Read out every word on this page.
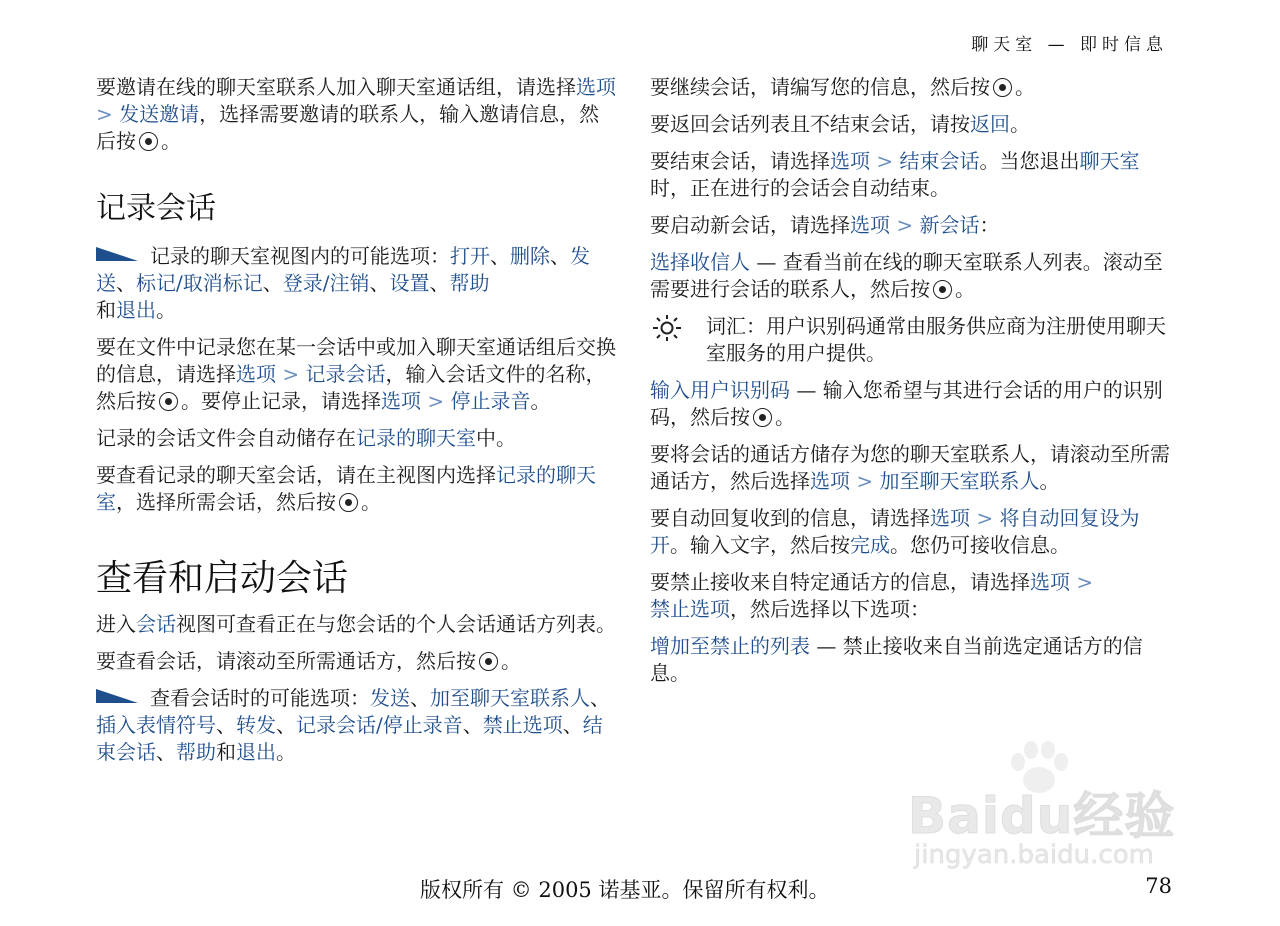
聊天室 — 即时信息

要邀请在线的聊天室联系人加入聊天室通话组，请选择选项 > 发送邀请，选择需要邀请的联系人，输入邀请信息，然后按 。

记录会话

记录的聊天室视图内的可能选项：打开、删除、发送、标记/取消标记、登录/注销、设置、帮助
和退出。

要在文件中记录您在某一会话中或加入聊天室通话组后交换的信息，请选择选项 > 记录会话，输入会话文件的名称，然后按 。要停止记录，请选择选项 > 停止录音。

记录的会话文件会自动储存在记录的聊天室中。

要查看记录的聊天室会话，请在主视图内选择记录的聊天室，选择所需会话，然后按 。

查看和启动会话

进入会话视图可查看正在与您会话的个人会话通话方列表。

要查看会话，请滚动至所需通话方，然后按 。

查看会话时的可能选项：发送、加至聊天室联系人、插入表情符号、转发、记录会话/停止录音、禁止选项、结束会话、帮助和退出。

要继续会话，请编写您的信息，然后按 。

要返回会话列表且不结束会话，请按返回。

要结束会话，请选择选项 > 结束会话。当您退出聊天室时，正在进行的会话会自动结束。

要启动新会话，请选择选项 > 新会话：

选择收信人 — 查看当前在线的聊天室联系人列表。滚动至需要进行会话的联系人，然后按 。

词汇：用户识别码通常由服务供应商为注册使用聊天室服务的用户提供。

输入用户识别码 — 输入您希望与其进行会话的用户的识别码，然后按 。

要将会话的通话方储存为您的聊天室联系人，请滚动至所需通话方，然后选择选项 > 加至聊天室联系人。

要自动回复收到的信息，请选择选项 > 将自动回复设为开。输入文字，然后按完成。您仍可接收信息。

要禁止接收来自特定通话方的信息，请选择选项 >
禁止选项，然后选择以下选项：

增加至禁止的列表 — 禁止接收来自当前选定通话方的信息。

Baidu经验
jingyan.baidu.com
版权所有 © 2005 诺基亚。保留所有权利。	78
